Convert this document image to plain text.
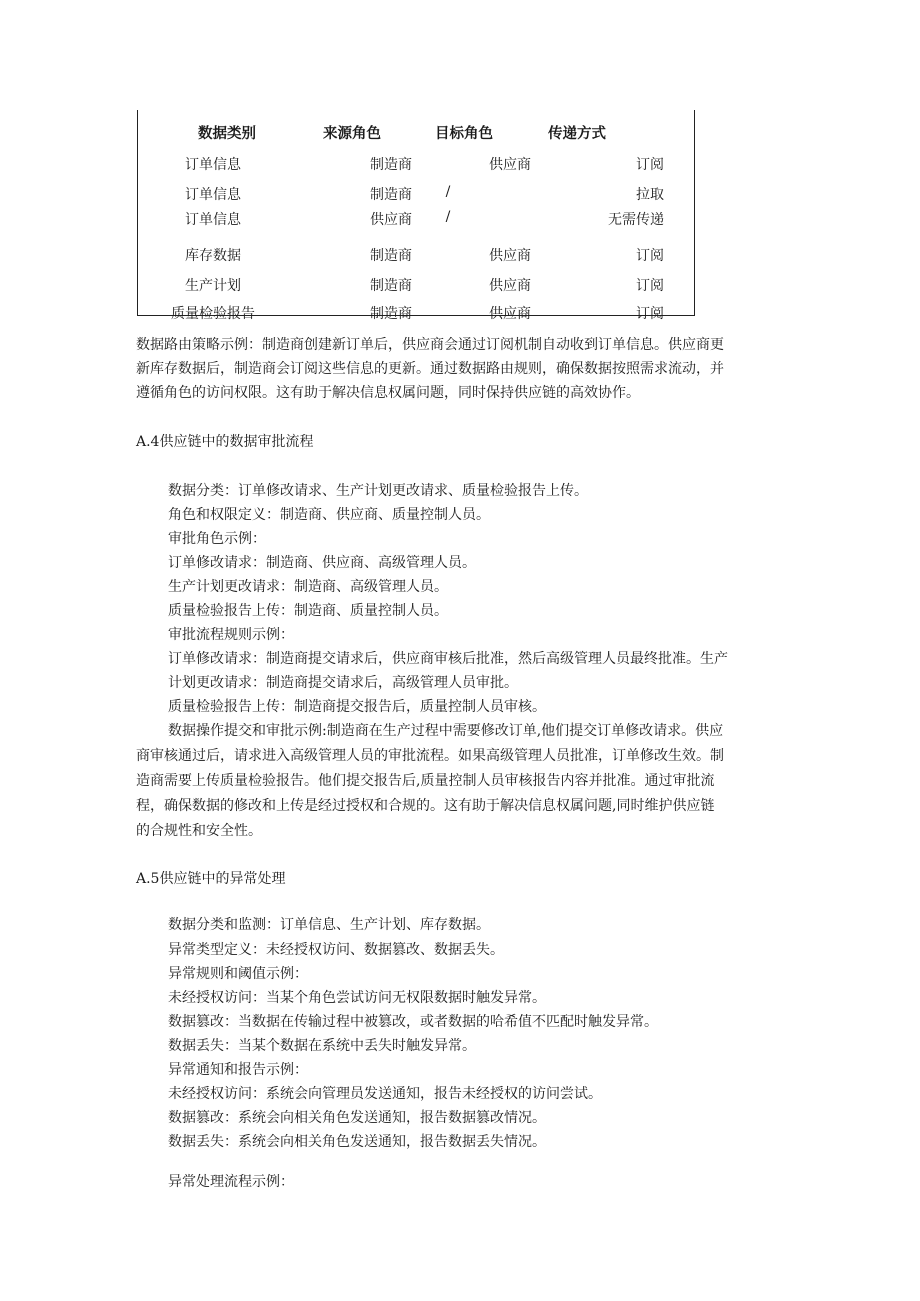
数据类别	来源角色	目标角色	传递方式
订单信息	制造商	供应商	订阅
订单信息	制造商	/	拉取
订单信息	供应商	/	无需传递
库存数据	制造商	供应商	订阅
生产计划	制造商	供应商	订阅
质量检验报告	制造商	供应商	订阅
数据路由策略示例：制造商创建新订单后，供应商会通过订阅机制自动收到订单信息。供应商更
新库存数据后，制造商会订阅这些信息的更新。通过数据路由规则，确保数据按照需求流动，并
遵循角色的访问权限。这有助于解决信息权属问题，同时保持供应链的高效协作。
A.4供应链中的数据审批流程
数据分类：订单修改请求、生产计划更改请求、质量检验报告上传。
角色和权限定义：制造商、供应商、质量控制人员。
审批角色示例：
订单修改请求：制造商、供应商、高级管理人员。
生产计划更改请求：制造商、高级管理人员。
质量检验报告上传：制造商、质量控制人员。
审批流程规则示例：
订单修改请求：制造商提交请求后，供应商审核后批准，然后高级管理人员最终批准。生产
计划更改请求：制造商提交请求后，高级管理人员审批。
质量检验报告上传：制造商提交报告后，质量控制人员审核。
数据操作提交和审批示例:制造商在生产过程中需要修改订单,他们提交订单修改请求。供应
商审核通过后，请求进入高级管理人员的审批流程。如果高级管理人员批准，订单修改生效。制
造商需要上传质量检验报告。他们提交报告后,质量控制人员审核报告内容并批准。通过审批流
程，确保数据的修改和上传是经过授权和合规的。这有助于解决信息权属问题,同时维护供应链
的合规性和安全性。
A.5供应链中的异常处理
数据分类和监测：订单信息、生产计划、库存数据。
异常类型定义：未经授权访问、数据篡改、数据丢失。
异常规则和阈值示例：
未经授权访问：当某个角色尝试访问无权限数据时触发异常。
数据篡改：当数据在传输过程中被篡改，或者数据的哈希值不匹配时触发异常。
数据丢失：当某个数据在系统中丢失时触发异常。
异常通知和报告示例：
未经授权访问：系统会向管理员发送通知，报告未经授权的访问尝试。
数据篡改：系统会向相关角色发送通知，报告数据篡改情况。
数据丢失：系统会向相关角色发送通知，报告数据丢失情况。
异常处理流程示例：
